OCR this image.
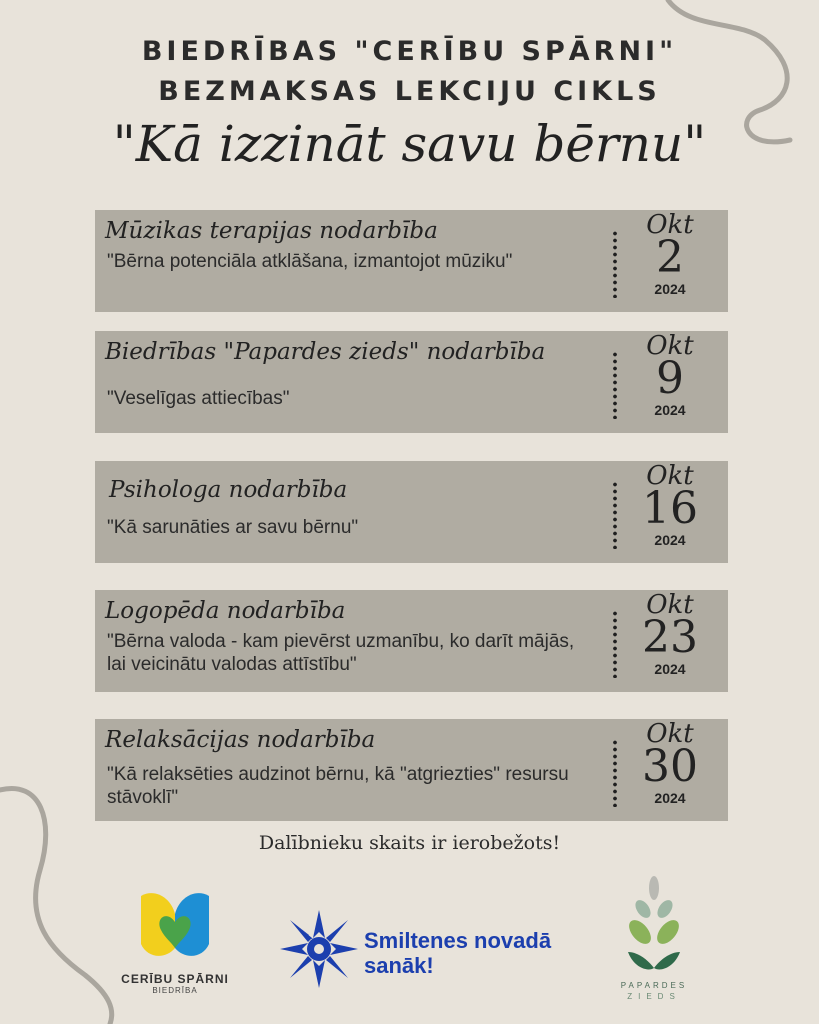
BIEDRĪBAS "CERĪBU SPĀRNI"
BEZMAKSAS LEKCIJU CIKLS
"Kā izzināt savu bērnu"
Mūzikas terapijas nodarbība
"Bērna potenciāla atklāšana, izmantojot mūziku"
Okt
2
2024
Biedrības "Papardes zieds" nodarbība
"Veselīgas attiecības"
Okt
9
2024
Psihologa nodarbība
"Kā sarunāties ar savu bērnu"
Okt
16
2024
Logopēda nodarbība
"Bērna valoda - kam pievērst uzmanību, ko darīt mājās, lai veicinātu valodas attīstību"
Okt
23
2024
Relaksācijas nodarbība
"Kā relaksēties audzinot bērnu, kā "atgriezties" resursu stāvoklī"
Okt
30
2024
Dalībnieku skaits ir ierobežots!
CERĪBU SPĀRNI
BIEDRĪBA
Smiltenes novadā
sanāk!
PAPARDES
ZIEDS
